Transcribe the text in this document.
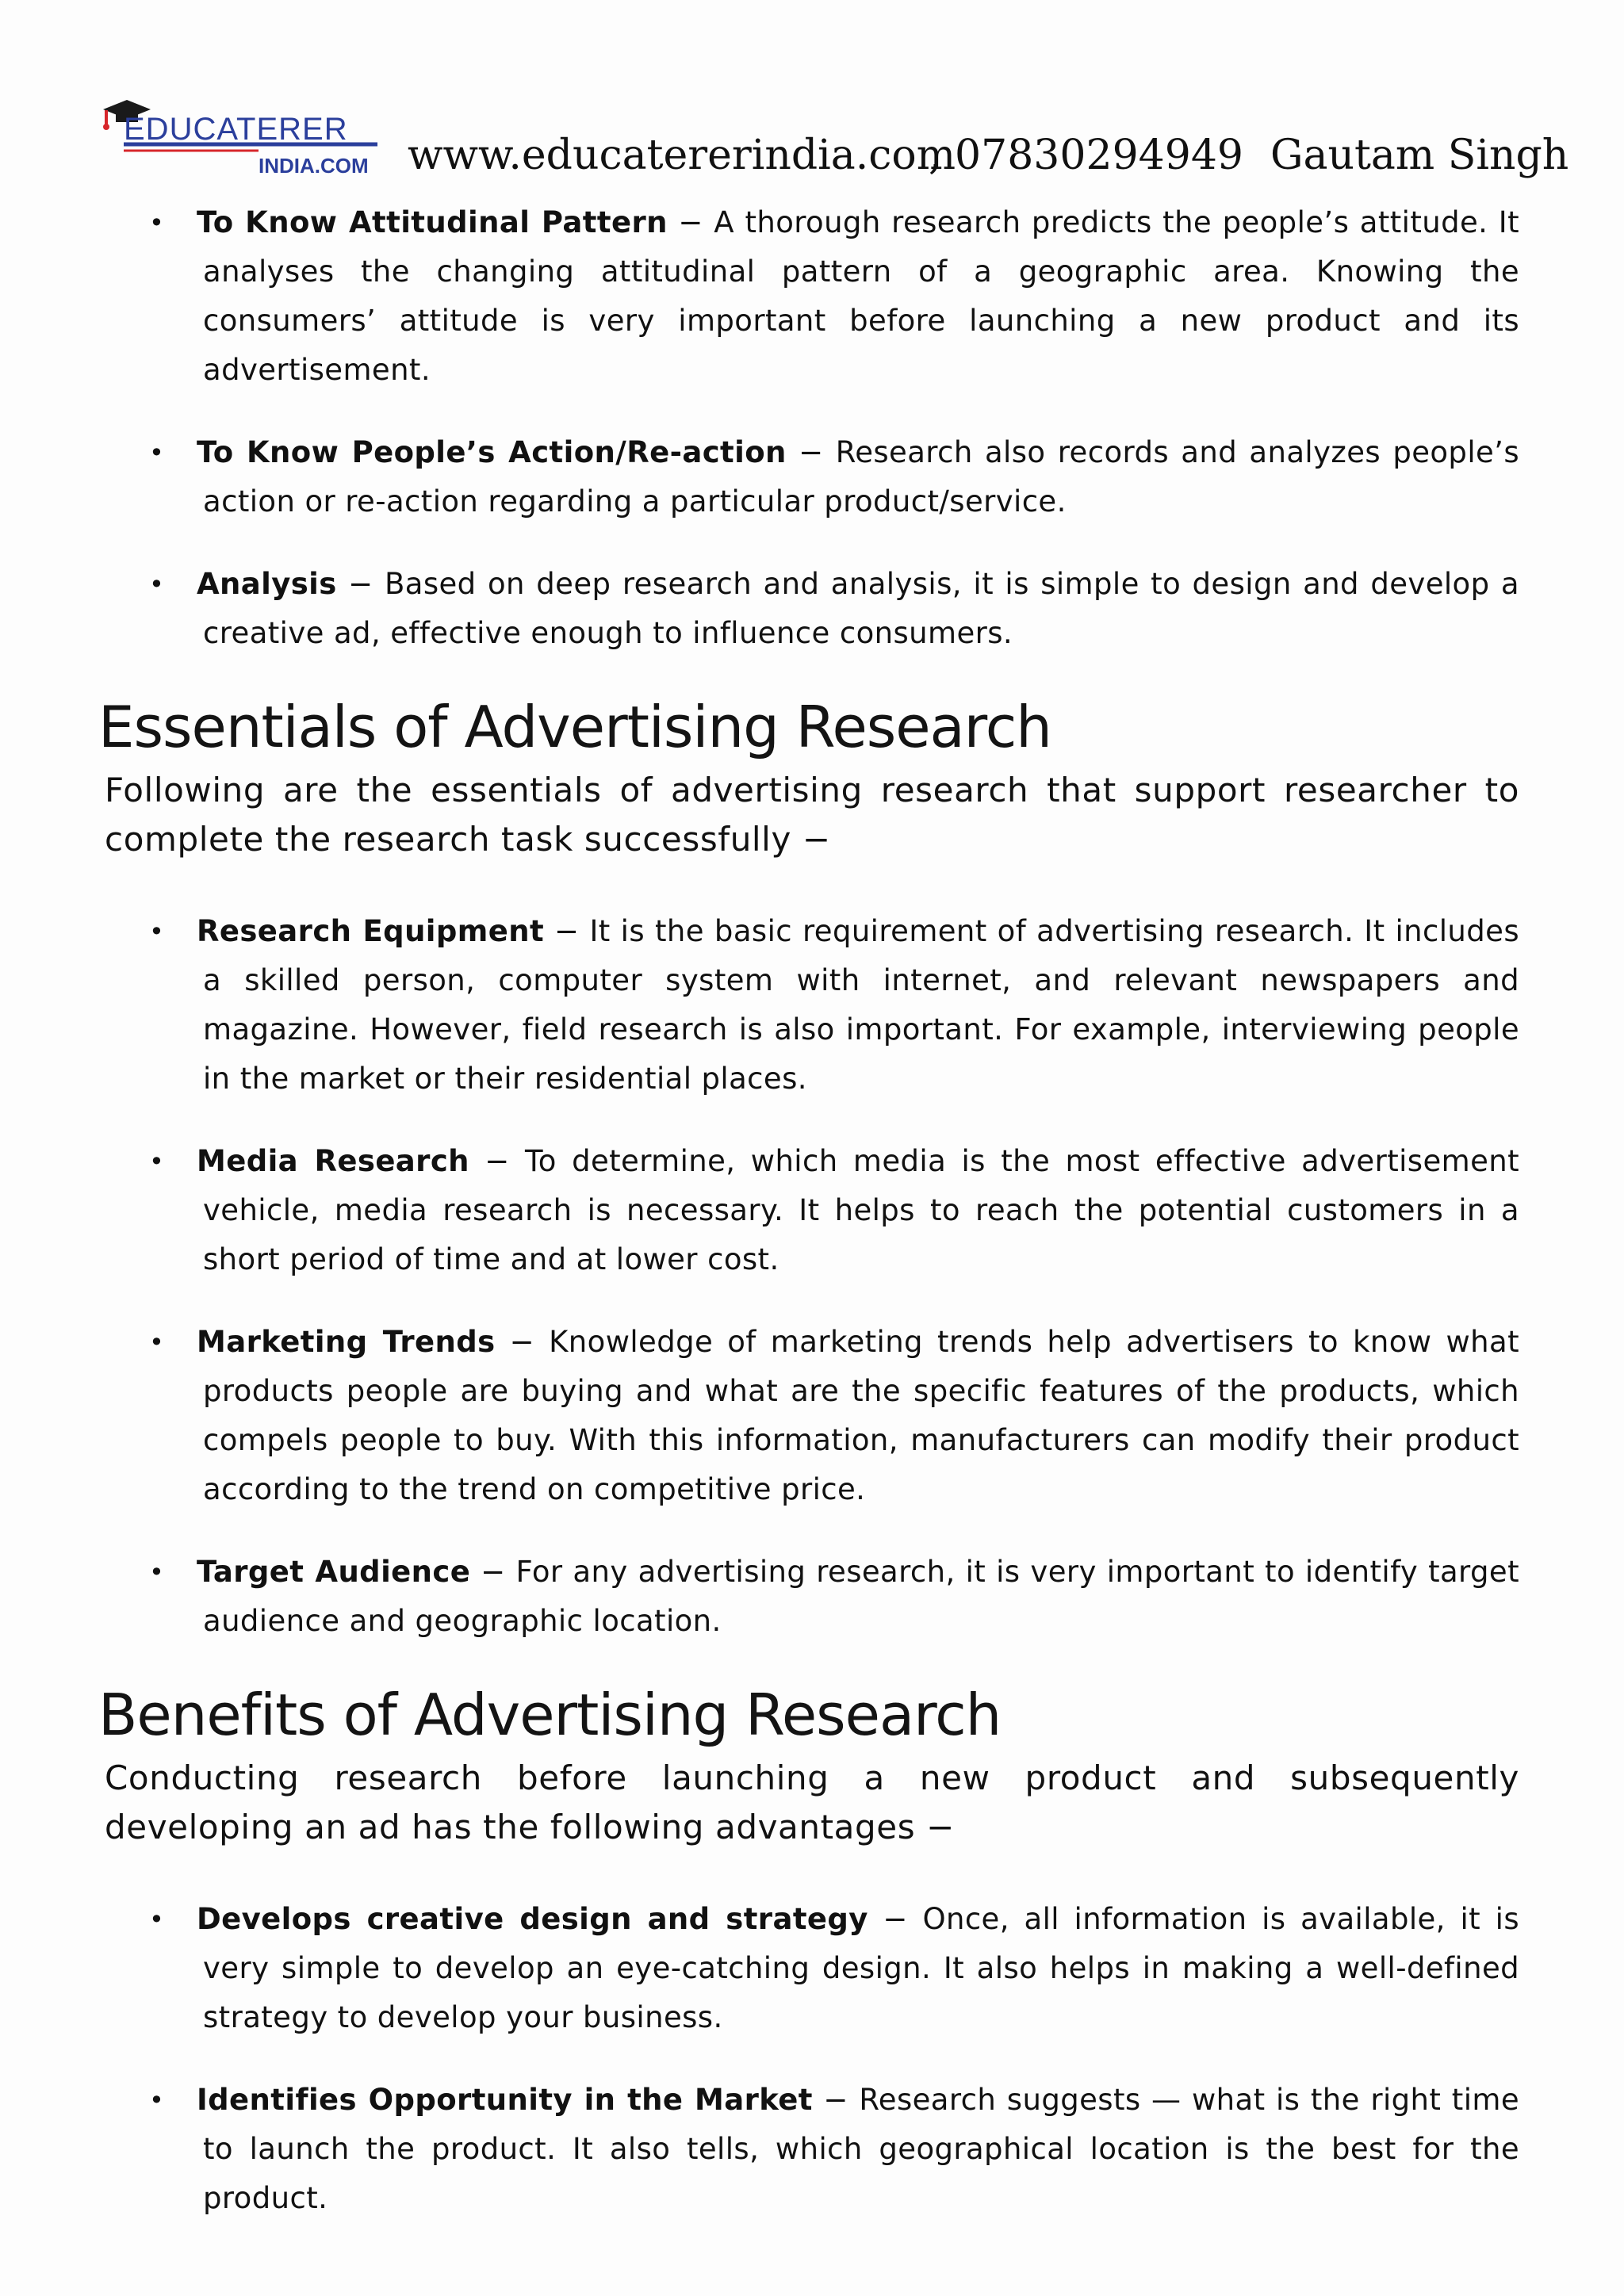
EDUCATERER
INDIA.COM www.educatererindia.com
, 07830294949 Gautam Singh
• To Know Attitudinal Pattern − A thorough research predicts the people’s attitude. It analyses the changing attitudinal pattern of a geographic area. Knowing the consumers’ attitude is very important before launching a new product and its advertisement.
• To Know People’s Action/Re-action − Research also records and analyzes people’s action or re-action regarding a particular product/service.
• Analysis − Based on deep research and analysis, it is simple to design and develop a creative ad, effective enough to influence consumers.
Essentials of Advertising Research

Following are the essentials of advertising research that support researcher to complete the research task successfully −

• Research Equipment − It is the basic requirement of advertising research. It includes a skilled person, computer system with internet, and relevant newspapers and magazine. However, field research is also important. For example, interviewing people in the market or their residential places.
• Media Research − To determine, which media is the most effective advertisement vehicle, media research is necessary. It helps to reach the potential customers in a short period of time and at lower cost.
• Marketing Trends − Knowledge of marketing trends help advertisers to know what products people are buying and what are the specific features of the products, which compels people to buy. With this information, manufacturers can modify their product according to the trend on competitive price.
• Target Audience − For any advertising research, it is very important to identify target audience and geographic location.
Benefits of Advertising Research

Conducting research before launching a new product and subsequently developing an ad has the following advantages −

• Develops creative design and strategy − Once, all information is available, it is very simple to develop an eye-catching design. It also helps in making a well-defined strategy to develop your business.
• Identifies Opportunity in the Market − Research suggests — what is the right time to launch the product. It also tells, which geographical location is the best for the product.
